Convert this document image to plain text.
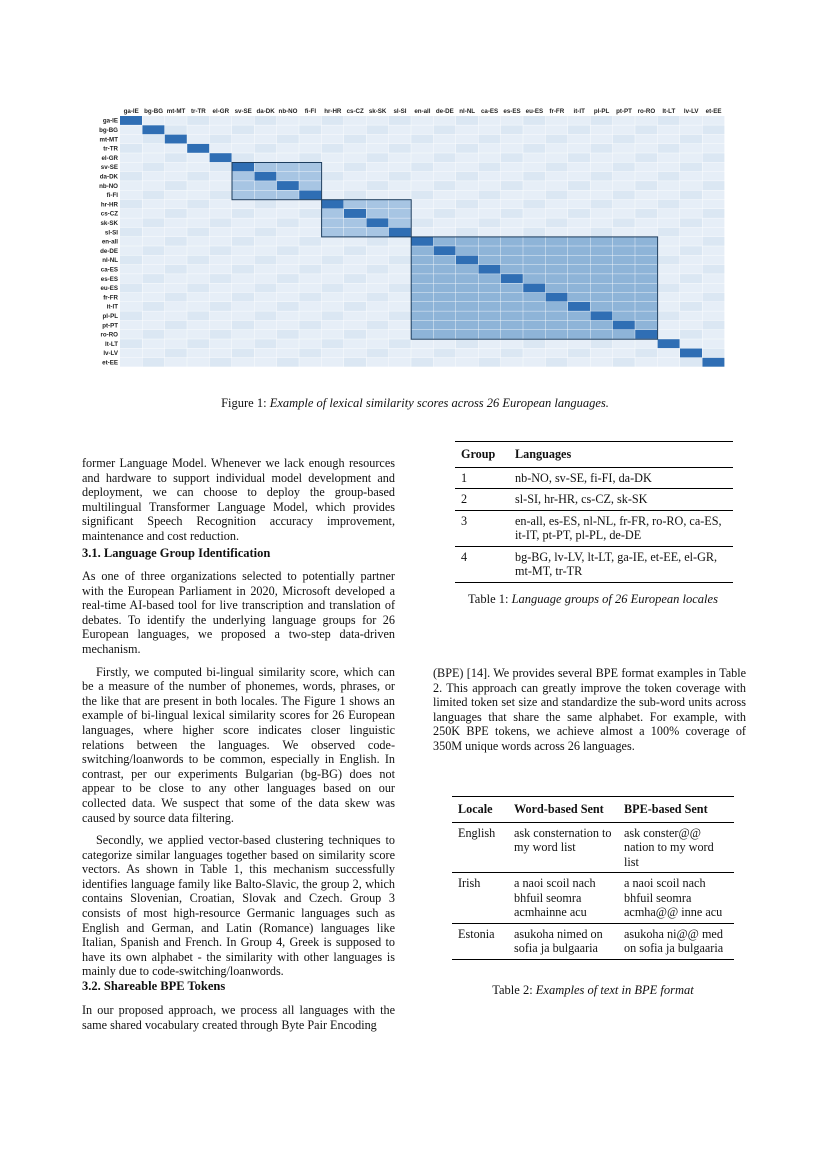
ga-IE
ga-IE
bg-BG
bg-BG
mt-MT
mt-MT
tr-TR
tr-TR
el-GR
el-GR
sv-SE
sv-SE
da-DK
da-DK
nb-NO
nb-NO
fi-FI
fi-FI
hr-HR
hr-HR
cs-CZ
cs-CZ
sk-SK
sk-SK
sl-SI
sl-SI
en-all
en-all
de-DE
de-DE
nl-NL
nl-NL
ca-ES
ca-ES
es-ES
es-ES
eu-ES
eu-ES
fr-FR
fr-FR
it-IT
it-IT
pl-PL
pl-PL
pt-PT
pt-PT
ro-RO
ro-RO
lt-LT
lt-LT
lv-LV
lv-LV
et-EE
et-EE
Figure 1: Example of lexical similarity scores across 26 European languages.

former Language Model. Whenever we lack enough resources and hardware to support individual model development and deployment, we can choose to deploy the group-based multilingual Transformer Language Model, which provides significant Speech Recognition accuracy improvement, maintenance and cost reduction.

3.1. Language Group Identification

As one of three organizations selected to potentially partner with the European Parliament in 2020, Microsoft developed a real-time AI-based tool for live transcription and translation of debates. To identify the underlying language groups for 26 European languages, we proposed a two-step data-driven mechanism.

Firstly, we computed bi-lingual similarity score, which can be a measure of the number of phonemes, words, phrases, or the like that are present in both locales. The Figure 1 shows an example of bi-lingual lexical similarity scores for 26 European languages, where higher score indicates closer linguistic relations between the languages. We observed code-switching/loanwords to be common, especially in English. In contrast, per our experiments Bulgarian (bg-BG) does not appear to be close to any other languages based on our collected data. We suspect that some of the data skew was caused by source data filtering.

Secondly, we applied vector-based clustering techniques to categorize similar languages together based on similarity score vectors. As shown in Table 1, this mechanism successfully identifies language family like Balto-Slavic, the group 2, which contains Slovenian, Croatian, Slovak and Czech. Group 3 consists of most high-resource Germanic languages such as English and German, and Latin (Romance) languages like Italian, Spanish and French. In Group 4, Greek is supposed to have its own alphabet - the similarity with other languages is mainly due to code-switching/loanwords.

3.2. Shareable BPE Tokens

In our proposed approach, we process all languages with the same shared vocabulary created through Byte Pair Encoding

Group	Languages
1	nb-NO, sv-SE, fi-FI, da-DK
2	sl-SI, hr-HR, cs-CZ, sk-SK
3	en-all, es-ES, nl-NL, fr-FR, ro-RO, ca-ES, it-IT, pt-PT, pl-PL, de-DE
4	bg-BG, lv-LV, lt-LT, ga-IE, et-EE, el-GR, mt-MT, tr-TR
Table 1: Language groups of 26 European locales

(BPE) [14]. We provides several BPE format examples in Table 2. This approach can greatly improve the token coverage with limited token set size and standardize the sub-word units across languages that share the same alphabet. For example, with 250K BPE tokens, we achieve almost a 100% coverage of 350M unique words across 26 languages.

Locale	Word-based Sent	BPE-based Sent
English	ask consternation to my word list	ask conster@@ nation to my word list
Irish	a naoi scoil nach bhfuil seomra acmhainne acu	a naoi scoil nach bhfuil seomra acmha@@ inne acu
Estonia	asukoha nimed on sofia ja bulgaaria	asukoha ni@@ med on sofia ja bulgaaria
Table 2: Examples of text in BPE format
